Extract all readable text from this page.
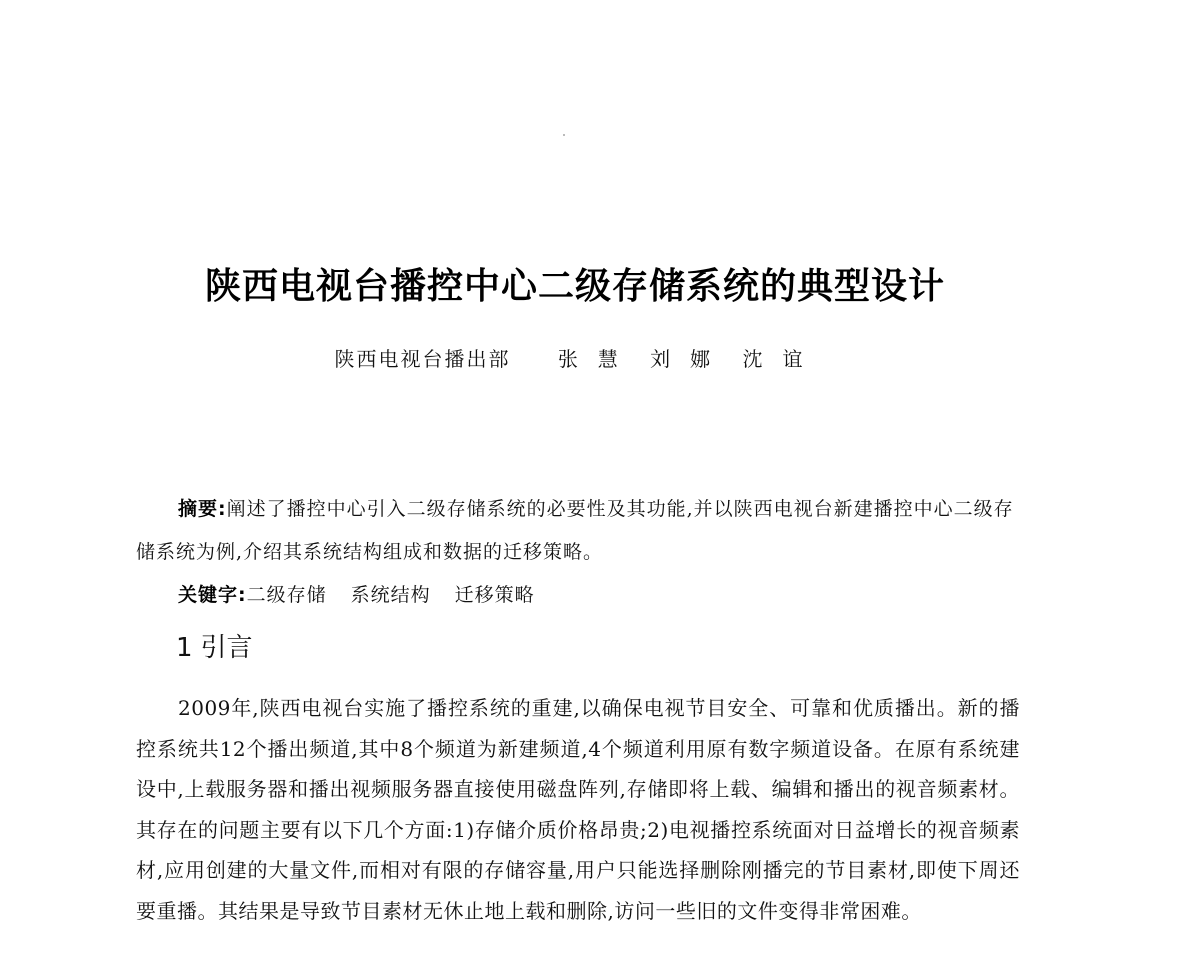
陕西电视台播控中心二级存储系统的典型设计
陕西电视台播出部 张　慧 刘　娜 沈　谊

摘要:阐述了播控中心引入二级存储系统的必要性及其功能,并以陕西电视台新建播控中心二级存储系统为例,介绍其系统结构组成和数据的迁移策略。

关键字:二级存储 系统结构 迁移策略

1 引言

2009年,陕西电视台实施了播控系统的重建,以确保电视节目安全、可靠和优质播出。新的播控系统共12个播出频道,其中8个频道为新建频道,4个频道利用原有数字频道设备。在原有系统建设中,上载服务器和播出视频服务器直接使用磁盘阵列,存储即将上载、编辑和播出的视音频素材。其存在的问题主要有以下几个方面:1)存储介质价格昂贵;2)电视播控系统面对日益增长的视音频素材,应用创建的大量文件,而相对有限的存储容量,用户只能选择删除刚播完的节目素材,即使下周还要重播。其结果是导致节目素材无休止地上载和删除,访问一些旧的文件变得非常困难。
